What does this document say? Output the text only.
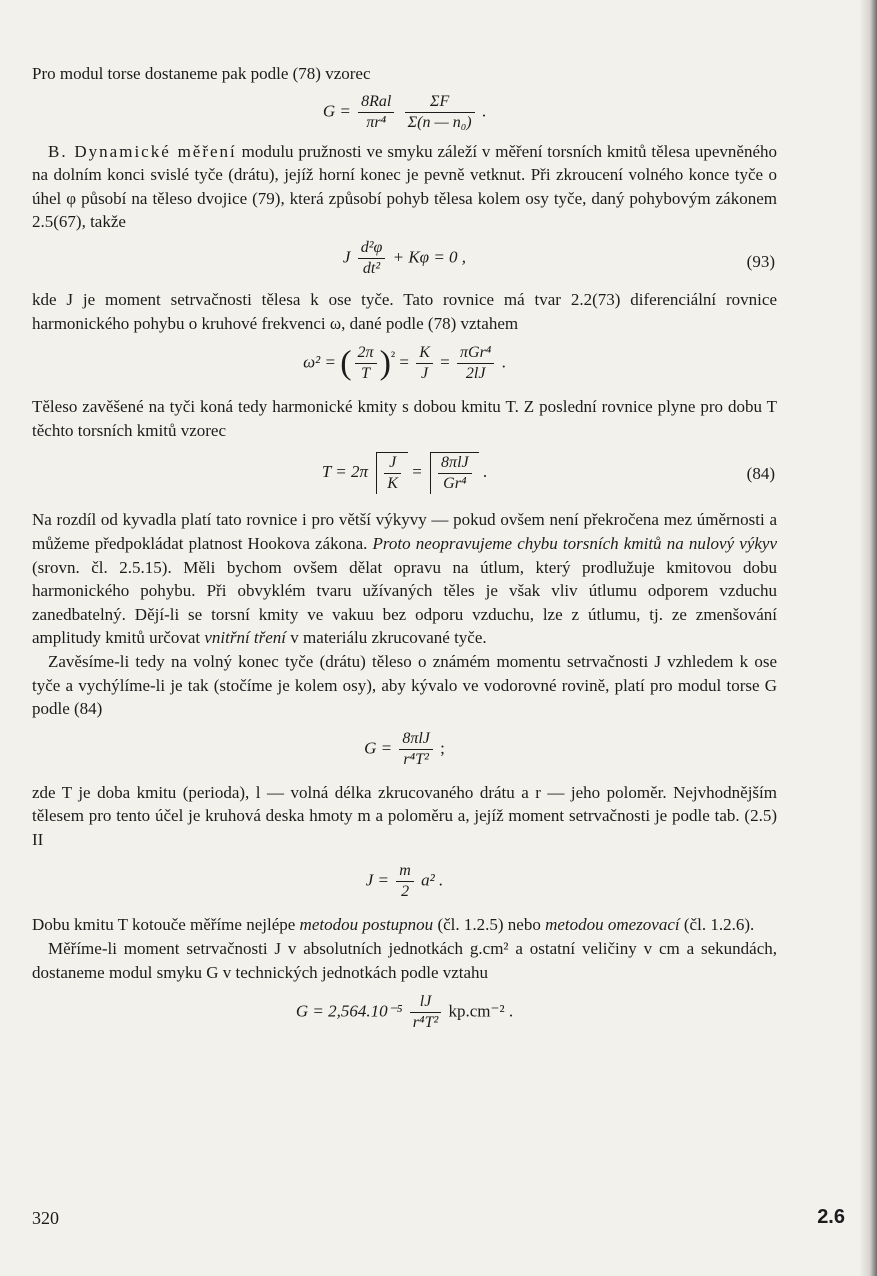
Pro modul torse dostaneme pak podle (78) vzorec

$G = \frac{\text{8Ral}}{\text{πr⁴}}$
$\frac{\Sigma F}{\text{Σ(n — n₀)}}$ .

B. Dynamické měření modulu pružnosti ve smyku záleží v měření torsních kmitů tělesa upevněného na dolním konci svislé tyče (drátu), jejíž horní konec je pevně vetknut. Při zkroucení volného konce tyče o úhel φ působí na těleso dvojice (79), která způsobí pohyb tělesa kolem osy tyče, daný pohybovým zákonem 2.5(67), takže

J $\frac{\text{d²φ}}{\text{dt²}} + K\varphi = 0$ ,	(93)

kde J je moment setrvačnosti tělesa k ose tyče. Tato rovnice má tvar 2.2(73) diferenciální rovnice harmonického pohybu o kruhové frekvenci ω, dané podle (78) vztahem

ω² = ( $\frac{2\pi}{T} )^{^2} = \frac{K}{J} = \frac{\text{πGr⁴}}{2lJ}$ .

Těleso zavěšené na tyči koná tedy harmonické kmity s dobou kmitu T. Z poslední rovnice plyne pro dobu T těchto torsních kmitů vzorec

$T = 2\pi \frac{J}{K} = \frac{\text{8πlJ}}{\text{Gr⁴}}$ .	(84)

Na rozdíl od kyvadla platí tato rovnice i pro větší výkyvy — pokud ovšem není překročena mez úměrnosti a můžeme předpokládat platnost Hookova zákona. Proto neopravujeme chybu torsních kmitů na nulový výkyv (srovn. čl. 2.5.15). Měli bychom ovšem dělat opravu na útlum, který prodlužuje kmitovou dobu harmonického pohybu. Při obvyklém tvaru užívaných těles je však vliv útlumu odporem vzduchu zanedbatelný. Dějí-li se torsní kmity ve vakuu bez odporu vzduchu, lze z útlumu, tj. ze zmenšování amplitudy kmitů určovat vnitřní tření v materiálu zkrucované tyče.

Zavěsíme-li tedy na volný konec tyče (drátu) těleso o známém momentu setrvačnosti J vzhledem k ose tyče a vychýlíme-li je tak (stočíme je kolem osy), aby kývalo ve vodorovné rovině, platí pro modul torse G podle (84)

$G = \frac{\text{8πlJ}}{\text{r⁴T²}}$ ;

zde T je doba kmitu (perioda), l — volná délka zkrucovaného drátu a r — jeho poloměr. Nejvhodnějším tělesem pro tento účel je kruhová deska hmoty m a poloměru a, jejíž moment setrvačnosti je podle tab. (2.5) II

$J = \frac{m}{2} a^2$ .

Dobu kmitu T kotouče měříme nejlépe metodou postupnou (čl. 1.2.5) nebo metodou omezovací (čl. 1.2.6).

Měříme-li moment setrvačnosti J v absolutních jednotkách g.cm² a ostatní veličiny v cm a sekundách, dostaneme modul smyku G v technických jednotkách podle vztahu

$G = 2,564.10^{-5} \frac{lJ}{\text{r⁴T²}} kp.cm^{-2}$ .
320	2.6
